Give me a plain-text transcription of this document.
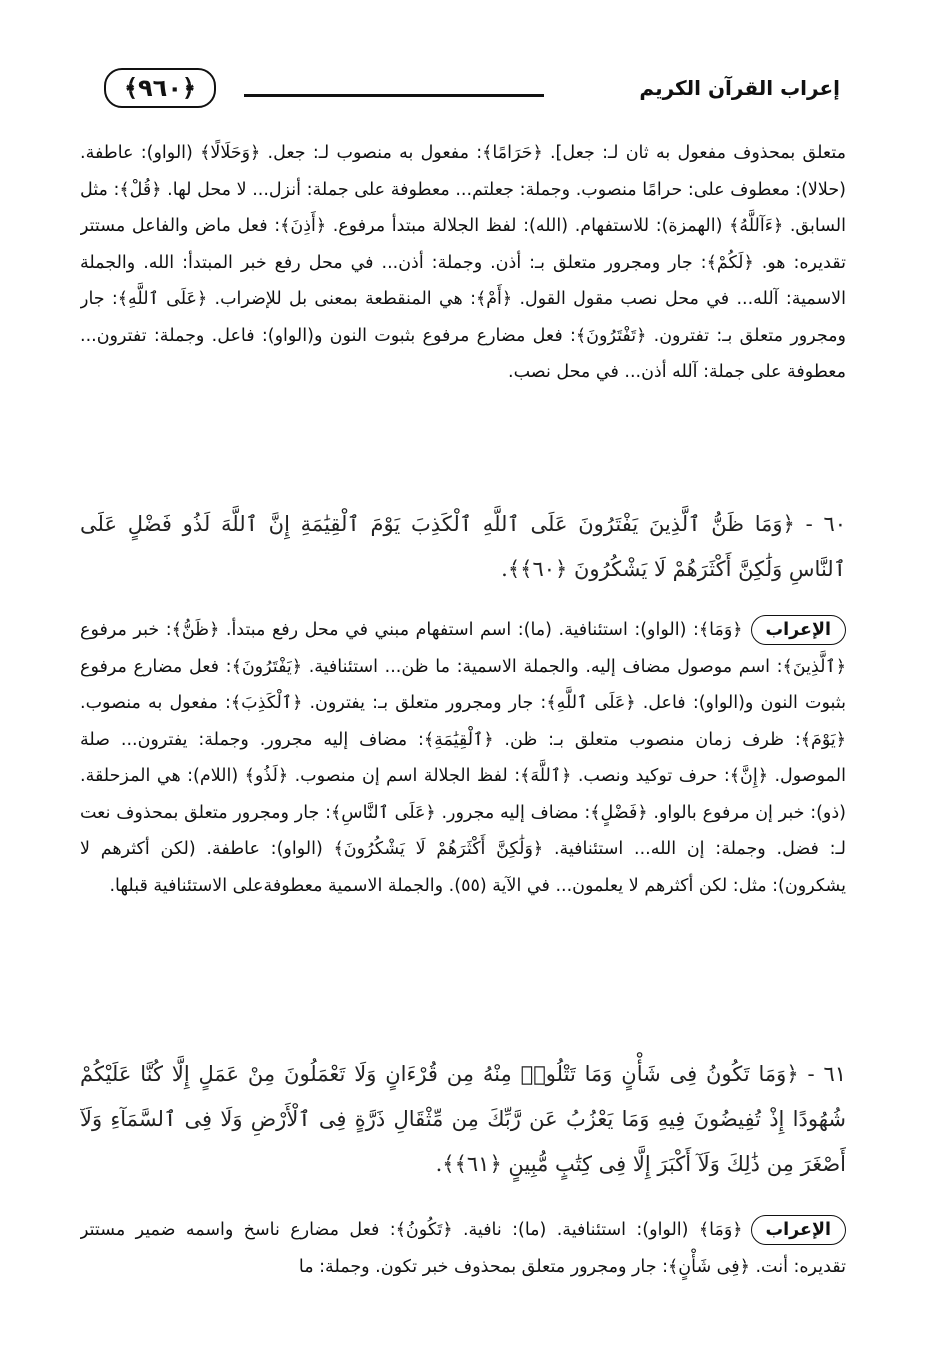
﴿٩٦٠﴾	إعراب القرآن الكريم

متعلق بمحذوف مفعول به ثان لـ: جعل]. ﴿حَرَامًا﴾: مفعول به منصوب لـ: جعل. ﴿وَحَلَالًا﴾ (الواو): عاطفة. (حلالا): معطوف على: حرامًا منصوب. وجملة: جعلتم... معطوفة على جملة: أنزل... لا محل لها. ﴿قُلْ﴾: مثل السابق. ﴿ءَآللَّهُ﴾ (الهمزة): للاستفهام. (الله): لفظ الجلالة مبتدأ مرفوع. ﴿أَذِنَ﴾: فعل ماض والفاعل مستتر تقديره: هو. ﴿لَكُمْ﴾: جار ومجرور متعلق بـ: أذن. وجملة: أذن... في محل رفع خبر المبتدأ: الله. والجملة الاسمية: آلله... في محل نصب مقول القول. ﴿أَمْ﴾: هي المنقطعة بمعنى بل للإضراب. ﴿عَلَى ٱللَّهِ﴾: جار ومجرور متعلق بـ: تفترون. ﴿تَفْتَرُونَ﴾: فعل مضارع مرفوع بثبوت النون و(الواو): فاعل. وجملة: تفترون... معطوفة على جملة: آلله أذن... في محل نصب.

٦٠ - ﴿وَمَا ظَنُّ ٱلَّذِينَ يَفْتَرُونَ عَلَى ٱللَّهِ ٱلْكَذِبَ يَوْمَ ٱلْقِيَٰمَةِ إِنَّ ٱللَّهَ لَذُو فَضْلٍ عَلَى ٱلنَّاسِ وَلَٰكِنَّ أَكْثَرَهُمْ لَا يَشْكُرُونَ ﴿٦٠﴾﴾.

الإعراب﴿وَمَا﴾: (الواو): استئنافية. (ما): اسم استفهام مبني في محل رفع مبتدأ. ﴿ظَنُّ﴾: خبر مرفوع ﴿ٱلَّذِينَ﴾: اسم موصول مضاف إليه. والجملة الاسمية: ما ظن... استئنافية. ﴿يَفْتَرُونَ﴾: فعل مضارع مرفوع بثبوت النون و(الواو): فاعل. ﴿عَلَى ٱللَّهِ﴾: جار ومجرور متعلق بـ: يفترون. ﴿ٱلْكَذِبَ﴾: مفعول به منصوب. ﴿يَوْمَ﴾: ظرف زمان منصوب متعلق بـ: ظن. ﴿ٱلْقِيَٰمَةِ﴾: مضاف إليه مجرور. وجملة: يفترون... صلة الموصول. ﴿إِنَّ﴾: حرف توكيد ونصب. ﴿ٱللَّهَ﴾: لفظ الجلالة اسم إن منصوب. ﴿لَذُو﴾ (اللام): هي المزحلقة. (ذو): خبر إن مرفوع بالواو. ﴿فَضْلٍ﴾: مضاف إليه مجرور. ﴿عَلَى ٱلنَّاسِ﴾: جار ومجرور متعلق بمحذوف نعت لـ: فضل. وجملة: إن الله... استئنافية. ﴿وَلَٰكِنَّ أَكْثَرَهُمْ لَا يَشْكُرُونَ﴾ (الواو): عاطفة. (لكن أكثرهم لا يشكرون): مثل: لكن أكثرهم لا يعلمون... في الآية (٥٥). والجملة الاسمية معطوفةعلى الاستئنافية قبلها.

٦١ - ﴿وَمَا تَكُونُ فِى شَأْنٍ وَمَا تَتْلُوا۟ مِنْهُ مِن قُرْءَانٍ وَلَا تَعْمَلُونَ مِنْ عَمَلٍ إِلَّا كُنَّا عَلَيْكُمْ شُهُودًا إِذْ تُفِيضُونَ فِيهِ وَمَا يَعْزُبُ عَن رَّبِّكَ مِن مِّثْقَالِ ذَرَّةٍ فِى ٱلْأَرْضِ وَلَا فِى ٱلسَّمَآءِ وَلَآ أَصْغَرَ مِن ذَٰلِكَ وَلَآ أَكْبَرَ إِلَّا فِى كِتَٰبٍ مُّبِينٍ ﴿٦١﴾﴾.

الإعراب﴿وَمَا﴾ (الواو): استئنافية. (ما): نافية. ﴿تَكُونُ﴾: فعل مضارع ناسخ واسمه ضمير مستتر تقديره: أنت. ﴿فِى شَأْنٍ﴾: جار ومجرور متعلق بمحذوف خبر تكون. وجملة: ما
